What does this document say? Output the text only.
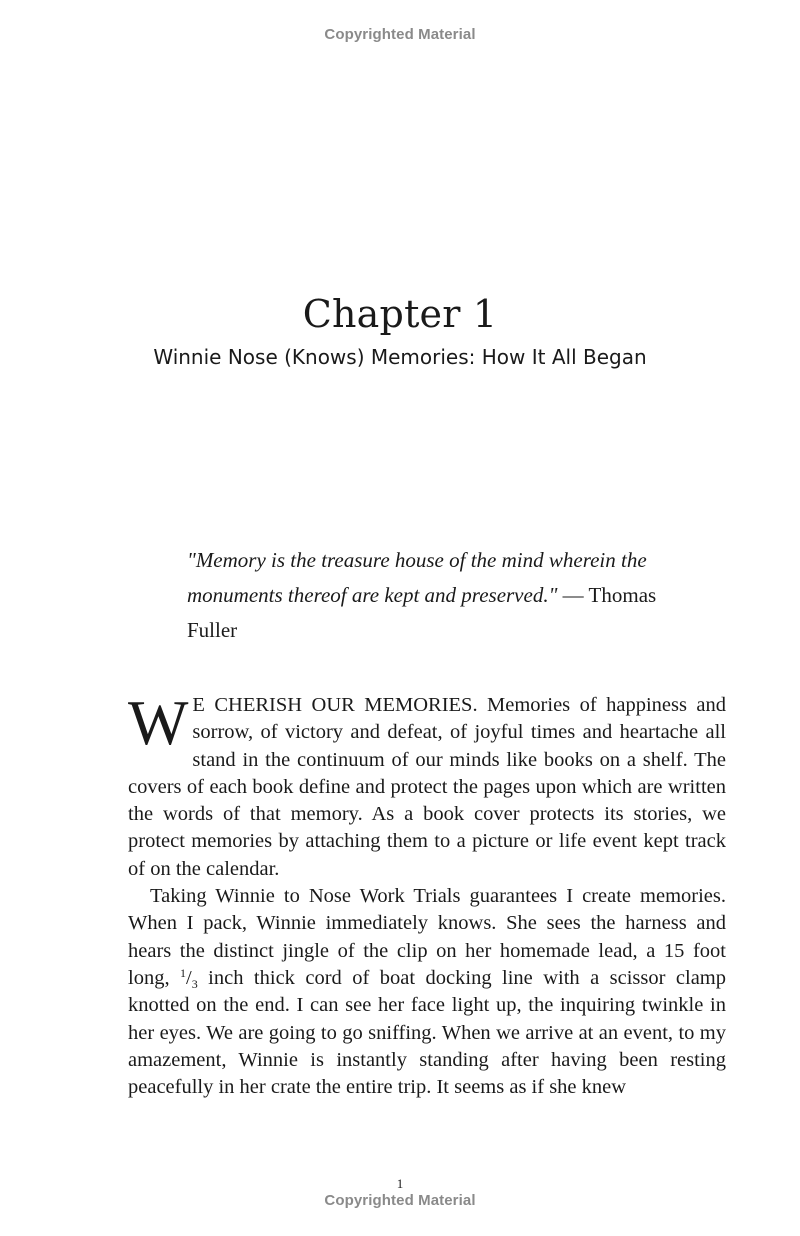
Copyrighted Material
Chapter 1
Winnie Nose (Knows) Memories: How It All Began
"Memory is the treasure house of the mind wherein the monuments thereof are kept and preserved." — Thomas Fuller

W E CHERISH OUR MEMORIES. Memories of happiness and sorrow, of victory and defeat, of joyful times and heartache all stand in the continuum of our minds like books on a shelf. The covers of each book define and protect the pages upon which are written the words of that memory. As a book cover protects its stories, we protect memories by attaching them to a picture or life event kept track of on the calendar.

Taking Winnie to Nose Work Trials guarantees I create memories. When I pack, Winnie immediately knows. She sees the harness and hears the distinct jingle of the clip on her homemade lead, a 15 foot long, $^1/_3$ inch thick cord of boat docking line with a scissor clamp knotted on the end. I can see her face light up, the inquiring twinkle in her eyes. We are going to go sniffing. When we arrive at an event, to my amazement, Winnie is instantly standing after having been resting peacefully in her crate the entire trip. It seems as if she knew

1
Copyrighted Material
